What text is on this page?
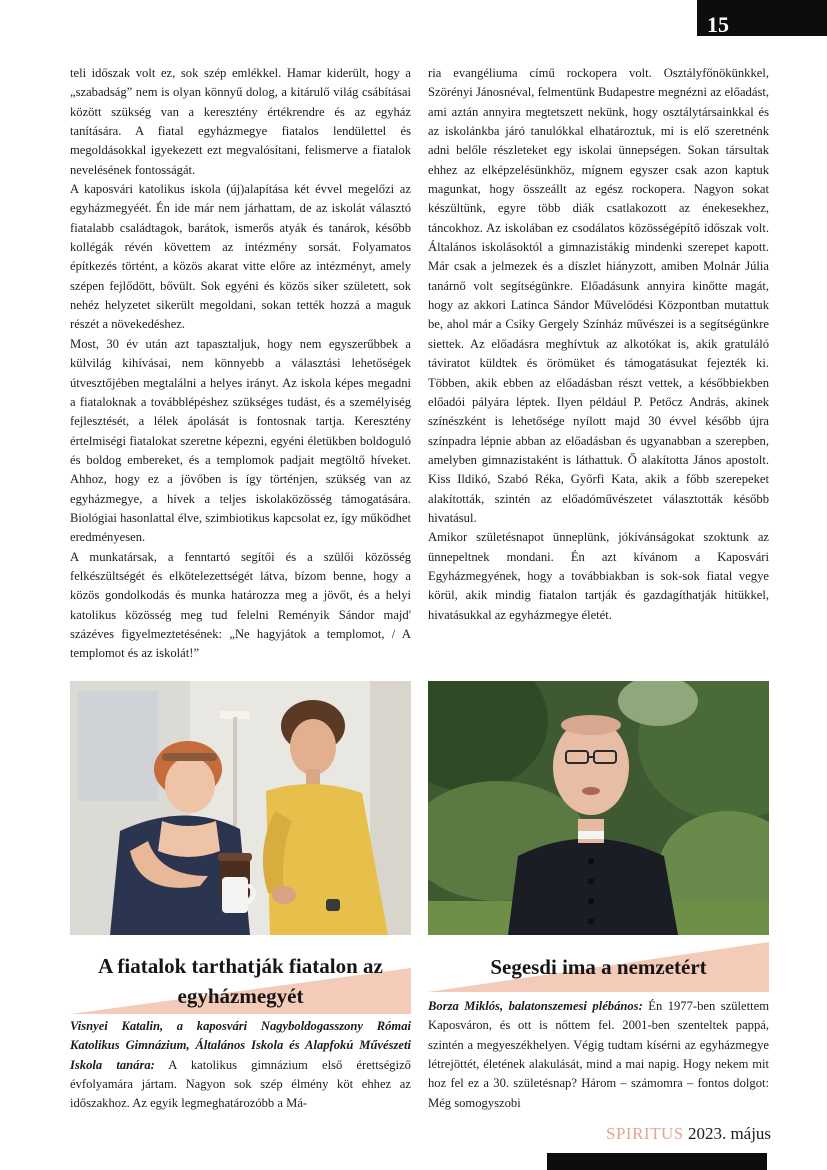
15

teli időszak volt ez, sok szép emlékkel. Hamar kiderült, hogy a „szabadság” nem is olyan könnyű dolog, a kitárulő világ csábításai között szükség van a keresztény értékrendre és az egyház tanítására. A fiatal egyházmegye fiatalos lendülettel és megoldásokkal igyekezett ezt megvalósítani, felismerve a fiatalok nevelésének fontosságát.

A kaposvári katolikus iskola (új)alapítása két évvel megelőzi az egyházmegyéét. Én ide már nem járhattam, de az iskolát választó fiatalabb családtagok, barátok, ismerős atyák és tanárok, később kollégák révén követtem az intézmény sorsát. Folyamatos építkezés történt, a közös akarat vitte előre az intézményt, amely szépen fejlődött, bővült. Sok egyéni és közös siker született, sok nehéz helyzetet sikerült megoldani, sokan tették hozzá a maguk részét a növekedéshez.

Most, 30 év után azt tapasztaljuk, hogy nem egyszerűbbek a külvilág kihívásai, nem könnyebb a választási lehetőségek útvesztőjében megtalálni a helyes irányt. Az iskola képes megadni a fiataloknak a továbblépéshez szükséges tudást, és a személyiség fejlesztését, a lélek ápolását is fontosnak tartja. Keresztény értelmiségi fiatalokat szeretne képezni, egyéni életükben boldoguló és boldog embereket, és a templomok padjait megtöltő híveket. Ahhoz, hogy ez a jövőben is így történjen, szükség van az egyházmegye, a hívek a teljes iskolaközösség támogatására. Biológiai hasonlattal élve, szimbiotikus kapcsolat ez, így működhet eredményesen.

A munkatársak, a fenntartó segítői és a szülői közösség felkészültségét és elkötelezettségét látva, bízom benne, hogy a közös gondolkodás és munka határozza meg a jövőt, és a helyi katolikus közösség meg tud felelni Reményik Sándor majd' százéves figyelmeztetésének: „Ne hagyjátok a templomot, / A templomot és az iskolát!”

ria evangéliuma című rockopera volt. Osztályfőnökünkkel, Szörényi Jánosnéval, felmentünk Budapestre megnézni az előadást, ami aztán annyira megtetszett nekünk, hogy osztálytársainkkal és az iskolánkba járó tanulókkal elhatároztuk, mi is elő szeretnénk adni belőle részleteket egy iskolai ünnepségen. Sokan társultak ehhez az elképzelésünkhöz, mígnem egyszer csak azon kaptuk magunkat, hogy összeállt az egész rockopera. Nagyon sokat készültünk, egyre több diák csatlakozott az énekesekhez, táncokhoz. Az iskolában ez csodálatos közösségépítő időszak volt. Általános iskolásoktól a gimnazistákig mindenki szerepet kapott. Már csak a jelmezek és a díszlet hiányzott, amiben Molnár Júlia tanárnő volt segítségünkre. Előadásunk annyira kinőtte magát, hogy az akkori Latinca Sándor Művelődési Központban mutattuk be, ahol már a Csiky Gergely Színház művészei is a segítségünkre siettek. Az előadásra meghívtuk az alkotókat is, akik gratuláló táviratot küldtek és örömüket és támogatásukat fejezték ki. Többen, akik ebben az előadásban részt vettek, a későbbiekben előadói pályára léptek. Ilyen például P. Petőcz András, akinek színészként is lehetősége nyílott majd 30 évvel később újra színpadra lépnie abban az előadásban és ugyanabban a szerepben, amelyben gimnazistaként is láthattuk. Ő alakította János apostolt. Kiss Ildikó, Szabó Réka, Győrfi Kata, akik a főbb szerepeket alakították, szintén az előadóművészetet választották később hivatásul.

Amikor születésnapot ünneplünk, jókívánságokat szoktunk az ünnepeltnek mondani. Én azt kívánom a Kaposvári Egyházmegyének, hogy a továbbiakban is sok-sok fiatal vegye körül, akik mindig fiatalon tartják és gazdagíthatják hitükkel, hivatásukkal az egyházmegye életét.

A fiatalok tarthatják fiatalon az egyházmegyét
Segesdi ima a nemzetért

Visnyei Katalin, a kaposvári Nagyboldogasszony Római Katolikus Gimnázium, Általános Iskola és Alapfokú Művészeti Iskola tanára: A katolikus gimnázium első érettségiző évfolyamára jártam. Nagyon sok szép élmény köt ehhez az időszakhoz. Az egyik legmeghatározóbb a Má-

Borza Miklós, balatonszemesi plébános: Én 1977-ben születtem Kaposváron, és ott is nőttem fel. 2001-ben szenteltek pappá, szintén a megyeszékhelyen. Végig tudtam kísérni az egyházmegye létrejöttét, életének alakulását, mind a mai napig. Hogy nekem mit hoz fel ez a 30. születésnap? Három – számomra – fontos dolgot: Még somogyszobi

SPIRITUS 2023. május
